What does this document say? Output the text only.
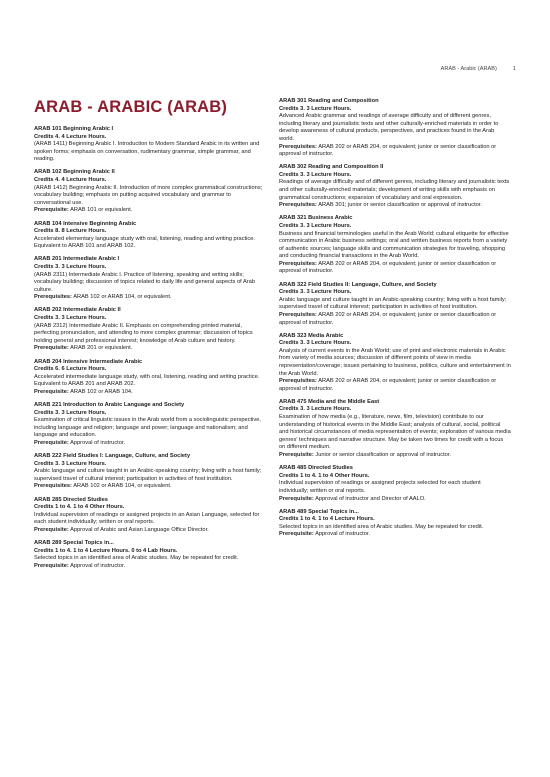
ARAB - Arabic (ARAB)	1
ARAB - ARABIC (ARAB)

ARAB 101 Beginning Arabic I

Credits 4. 4 Lecture Hours.

(ARAB 1411) Beginning Arabic I. Introduction to Modern Standard Arabic in its written and spoken forms; emphasis on conversation, rudimentary grammar, simple grammar, and reading.

ARAB 102 Beginning Arabic II

Credits 4. 4 Lecture Hours.

(ARAB 1412) Beginning Arabic II. Introduction of more complex grammatical constructions; vocabulary building; emphasis on putting acquired vocabulary and grammar to conversational use.

Prerequisite: ARAB 101 or equivalent.

ARAB 104 Intensive Beginning Arabic

Credits 8. 8 Lecture Hours.

Accelerated elementary language study with oral, listening, reading and writing practice. Equivalent to ARAB 101 and ARAB 102.

ARAB 201 Intermediate Arabic I

Credits 3. 3 Lecture Hours.

(ARAB 2311) Intermediate Arabic I. Practice of listening, speaking and writing skills; vocabulary building; discussion of topics related to daily life and general aspects of Arab culture.

Prerequisites: ARAB 102 or ARAB 104, or equivalent.

ARAB 202 Intermediate Arabic II

Credits 3. 3 Lecture Hours.

(ARAB 2312) Intermediate Arabic II. Emphasis on comprehending printed material, perfecting pronunciation, and attending to more complex grammar; discussion of topics holding general and professional interest; knowledge of Arab culture and history.

Prerequisite: ARAB 201 or equivalent.

ARAB 204 Intensive Intermediate Arabic

Credits 6. 6 Lecture Hours.

Accelerated intermediate language study, with oral, listening, reading and writing practice. Equivalent to ARAB 201 and ARAB 202.

Prerequisite: ARAB 102 or ARAB 104.

ARAB 221 Introduction to Arabic Language and Society

Credits 3. 3 Lecture Hours.

Examination of critical linguistic issues in the Arab world from a sociolinguistic perspective, including language and religion; language and power; language and nationalism; and language and education.

Prerequisite: Approval of instructor.

ARAB 222 Field Studies I: Language, Culture, and Society

Credits 3. 3 Lecture Hours.

Arabic language and culture taught in an Arabic-speaking country; living with a host family; supervised travel of cultural interest; participation in activities of host institution.

Prerequisites: ARAB 102 or ARAB 104, or equivalent.

ARAB 285 Directed Studies

Credits 1 to 4. 1 to 4 Other Hours.

Individual supervision of readings or assigned projects in an Asian Language, selected for each student individually; written or oral reports.

Prerequisite: Approval of Arabic and Asian Language Office Director.

ARAB 289 Special Topics in...

Credits 1 to 4. 1 to 4 Lecture Hours. 0 to 4 Lab Hours.

Selected topics in an identified area of Arabic studies. May be repeated for credit.

Prerequisite: Approval of instructor.

ARAB 301 Reading and Composition

Credits 3. 3 Lecture Hours.

Advanced Arabic grammar and readings of average difficulty and of different genres, including literary and journalistic texts and other culturally-enriched materials in order to develop awareness of cultural products, perspectives, and practices found in the Arab world.

Prerequisites: ARAB 202 or ARAB 204, or equivalent; junior or senior classification or approval of instructor.

ARAB 302 Reading and Composition II

Credits 3. 3 Lecture Hours.

Readings of average difficulty and of different genres, including literary and journalistic texts and other culturally-enriched materials; development of writing skills with emphasis on grammatical constructions; expansion of vocabulary and oral expression.

Prerequisites: ARAB 301; junior or senior classification or approval of instructor.

ARAB 321 Business Arabic

Credits 3. 3 Lecture Hours.

Business and financial terminologies useful in the Arab World; cultural etiquette for effective communication in Arabic business settings; oral and written business reports from a variety of authentic sources; language skills and communication strategies for traveling, shopping and conducting financial transactions in the Arab World.

Prerequisites: ARAB 202 or ARAB 204, or equivalent; junior or senior classification or approval of instructor.

ARAB 322 Field Studies II: Language, Culture, and Society

Credits 3. 3 Lecture Hours.

Arabic language and culture taught in an Arabic-speaking country; living with a host family; supervised travel of cultural interest; participation in activities of host institution.

Prerequisites: ARAB 202 or ARAB 204, or equivalent; junior or senior classification or approval of instructor.

ARAB 323 Media Arabic

Credits 3. 3 Lecture Hours.

Analysis of current events in the Arab World; use of print and electronic materials in Arabic from variety of media sources; discussion of different points of view in media representation/coverage; issues pertaining to business, politics, culture and entertainment in the Arab World.

Prerequisites: ARAB 202 or ARAB 204, or equivalent; junior or senior classification or approval of instructor.

ARAB 475 Media and the Middle East

Credits 3. 3 Lecture Hours.

Examination of how media (e.g., literature, news, film, television) contribute to our understanding of historical events in the Middle East; analysis of cultural, social, political and historical circumstances of media representation of events; exploration of various media genres' techniques and narrative structure. May be taken two times for credit with a focus on different medium.

Prerequisite: Junior or senior classification or approval of instructor.

ARAB 485 Directed Studies

Credits 1 to 4. 1 to 4 Other Hours.

Individual supervision of readings or assigned projects selected for each student individually; written or oral reports.

Prerequisite: Approval of instructor and Director of AALO.

ARAB 489 Special Topics in...

Credits 1 to 4. 1 to 4 Lecture Hours.

Selected topics in an identified area of Arabic studies. May be repeated for credit.

Prerequisite: Approval of instructor.
